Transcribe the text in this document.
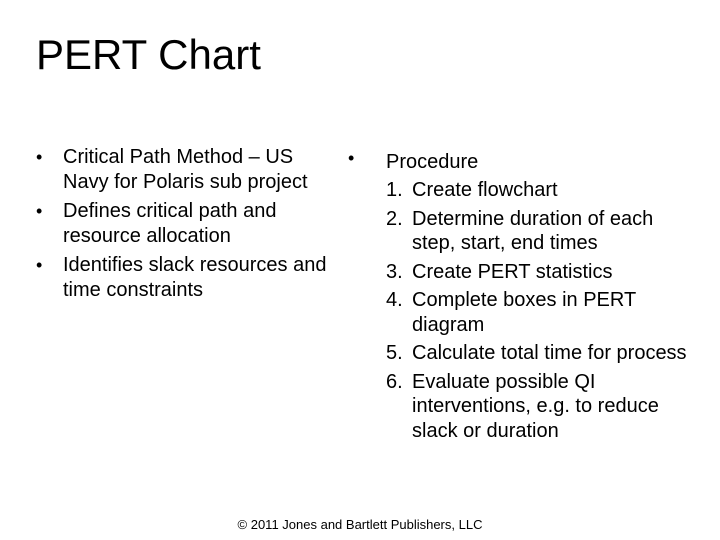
PERT Chart
• Critical Path Method – US Navy for Polaris sub project
• Defines critical path and resource allocation
• Identifies slack resources and time constraints
• Procedure
1. Create flowchart
2. Determine duration of each step, start, end times
3. Create PERT statistics
4. Complete boxes in PERT diagram
5. Calculate total time for process
6. Evaluate possible QI interventions, e.g. to reduce slack or duration
© 2011 Jones and Bartlett Publishers, LLC
